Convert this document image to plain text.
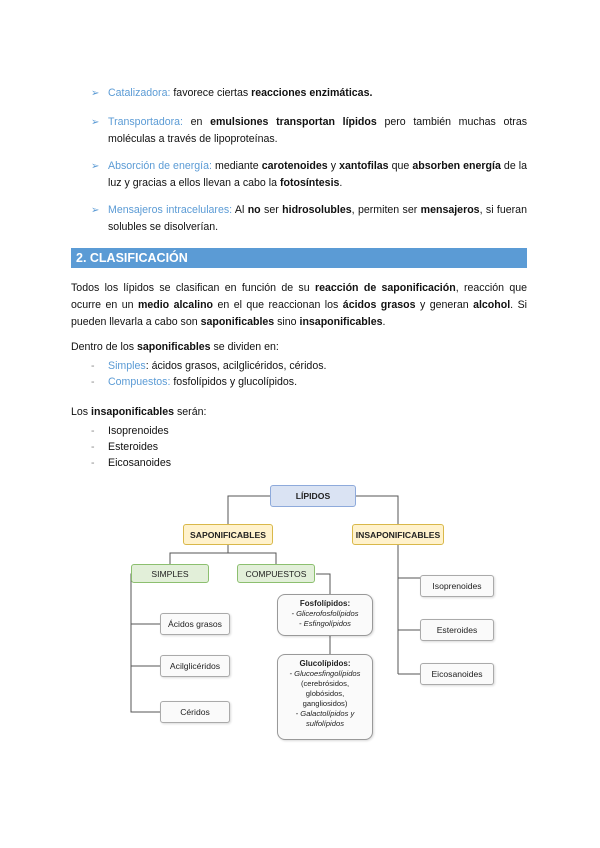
➢ Catalizadora: favorece ciertas reacciones enzimáticas.
➢ Transportadora: en emulsiones transportan lípidos pero también muchas otras moléculas a través de lipoproteínas.
➢ Absorción de energía: mediante carotenoides y xantofilas que absorben energía de la luz y gracias a ellos llevan a cabo la fotosíntesis.
➢ Mensajeros intracelulares: Al no ser hidrosolubles, permiten ser mensajeros, si fueran solubles se disolverían.
2. CLASIFICACIÓN
Todos los lípidos se clasifican en función de su reacción de saponificación, reacción que ocurre en un medio alcalino en el que reaccionan los ácidos grasos y generan alcohol. Si pueden llevarla a cabo son saponificables sino insaponificables.
Dentro de los saponificables se dividen en:
- Simples: ácidos grasos, acilglicéridos, céridos.
- Compuestos: fosfolípidos y glucolípidos.
Los insaponificables serán:
- Isoprenoides
- Esteroides
- Eicosanoides
LÍPIDOS
SAPONIFICABLES	INSAPONIFICABLES
SIMPLES	COMPUESTOS
Ácidos grasos
Acilglicéridos
Céridos
Fosfolípidos:
- Glicerofosfolípidos
- Esfingolípidos
Glucolípidos:
- Glucoesfingolípidos
(cerebrósidos,
globósidos,
gangliosidos)
- Galactolípidos y
sulfolípidos
Isoprenoides
Esteroides
Eicosanoides
